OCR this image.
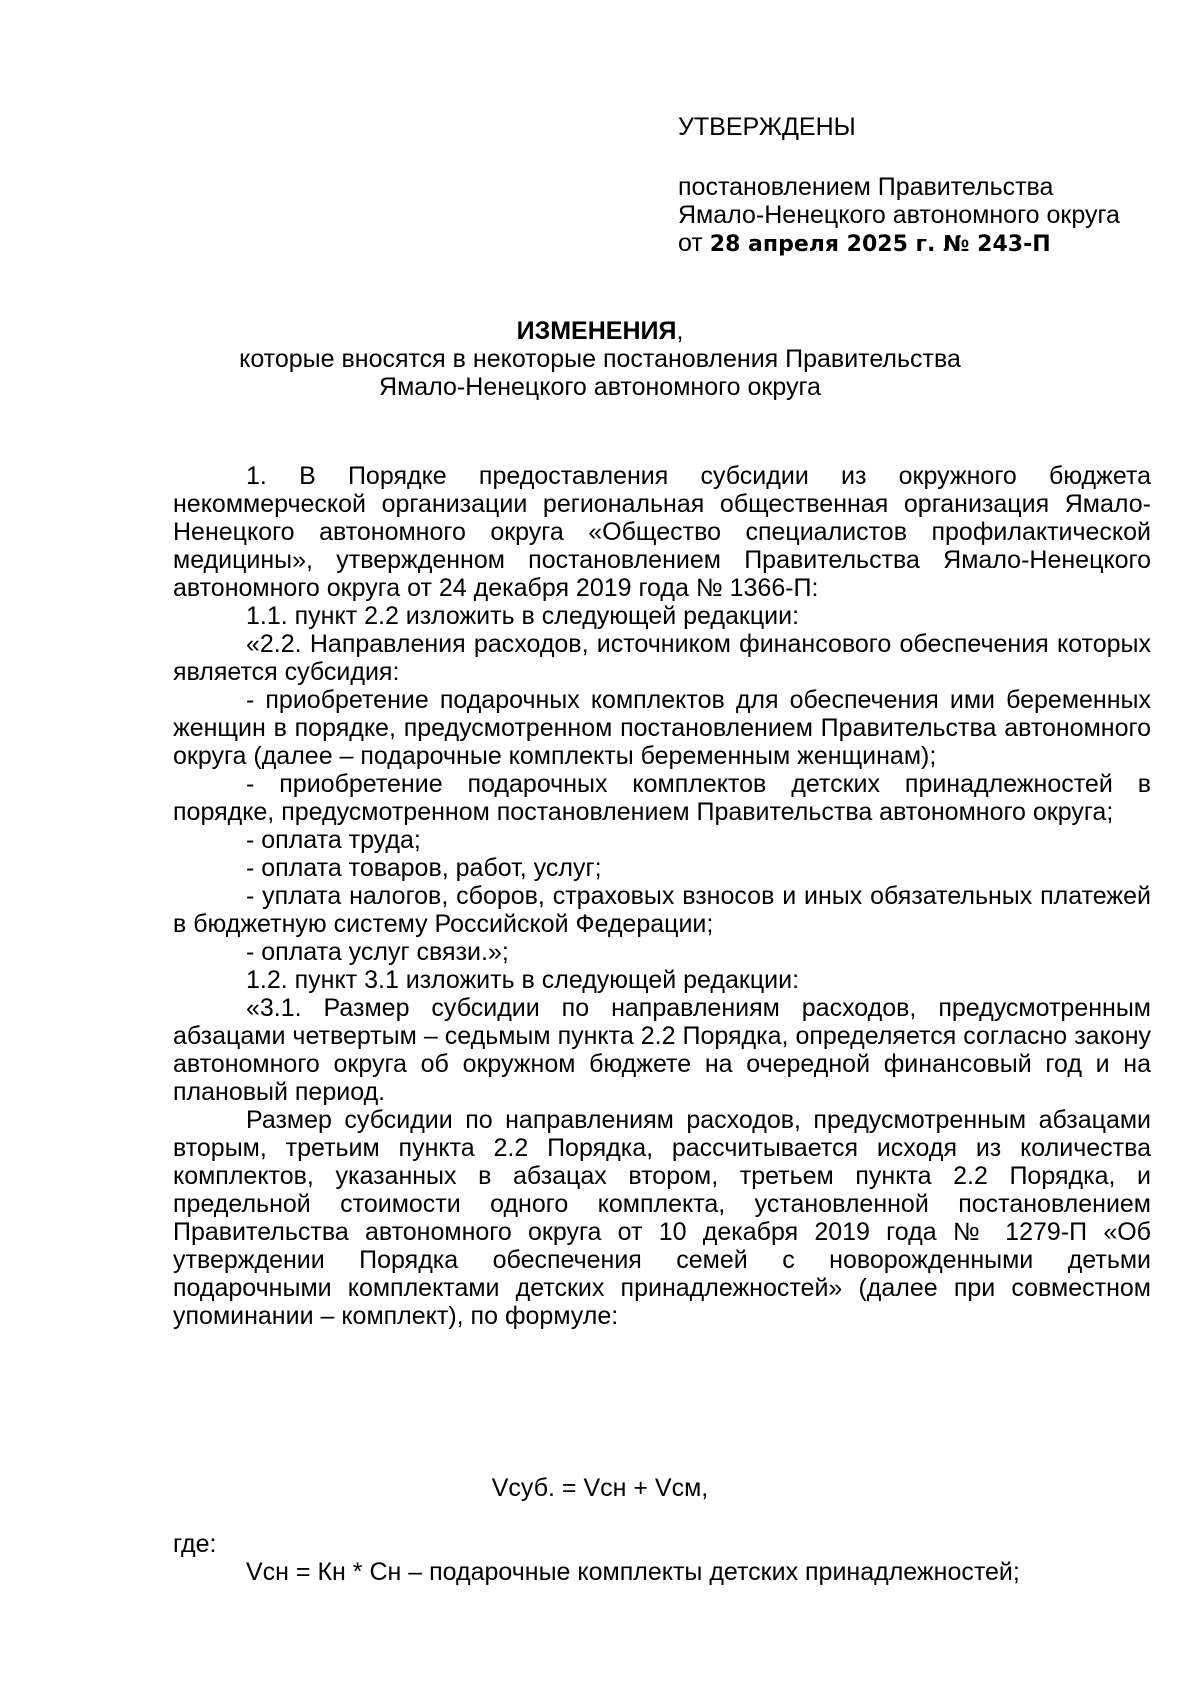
УТВЕРЖДЕНЫ
постановлением Правительства
Ямало-Ненецкого автономного округа
от 28 апреля 2025 г. № 243-П
ИЗМЕНЕНИЯ,
которые вносятся в некоторые постановления Правительства
Ямало-Ненецкого автономного округа

1. В Порядке предоставления субсидии из окружного бюджета некоммерческой организации региональная общественная организация Ямало-Ненецкого автономного округа «Общество специалистов профилактической медицины», утвержденном постановлением Правительства Ямало-Ненецкого автономного округа от 24 декабря 2019 года № 1366-П:

1.1. пункт 2.2 изложить в следующей редакции:

«2.2. Направления расходов, источником финансового обеспечения которых является субсидия:

- приобретение подарочных комплектов для обеспечения ими беременных женщин в порядке, предусмотренном постановлением Правительства автономного округа (далее – подарочные комплекты беременным женщинам);

- приобретение подарочных комплектов детских принадлежностей в порядке, предусмотренном постановлением Правительства автономного округа;

- оплата труда;

- оплата товаров, работ, услуг;

- уплата налогов, сборов, страховых взносов и иных обязательных платежей в бюджетную систему Российской Федерации;

- оплата услуг связи.»;

1.2. пункт 3.1 изложить в следующей редакции:

«3.1. Размер субсидии по направлениям расходов, предусмотренным абзацами четвертым – седьмым пункта 2.2 Порядка, определяется согласно закону автономного округа об окружном бюджете на очередной финансовый год и на плановый период.

Размер субсидии по направлениям расходов, предусмотренным абзацами вторым, третьим пункта 2.2 Порядка, рассчитывается исходя из количества комплектов, указанных в абзацах втором, третьем пункта 2.2 Порядка, и предельной стоимости одного комплекта, установленной постановлением Правительства автономного округа от 10 декабря 2019 года № 1279-П «Об утверждении Порядка обеспечения семей с новорожденными детьми подарочными комплектами детских принадлежностей» (далее при совместном упоминании – комплект), по формуле:

Vсуб. = Vсн + Vсм,
где:
Vсн = Кн * Сн – подарочные комплекты детских принадлежностей;
